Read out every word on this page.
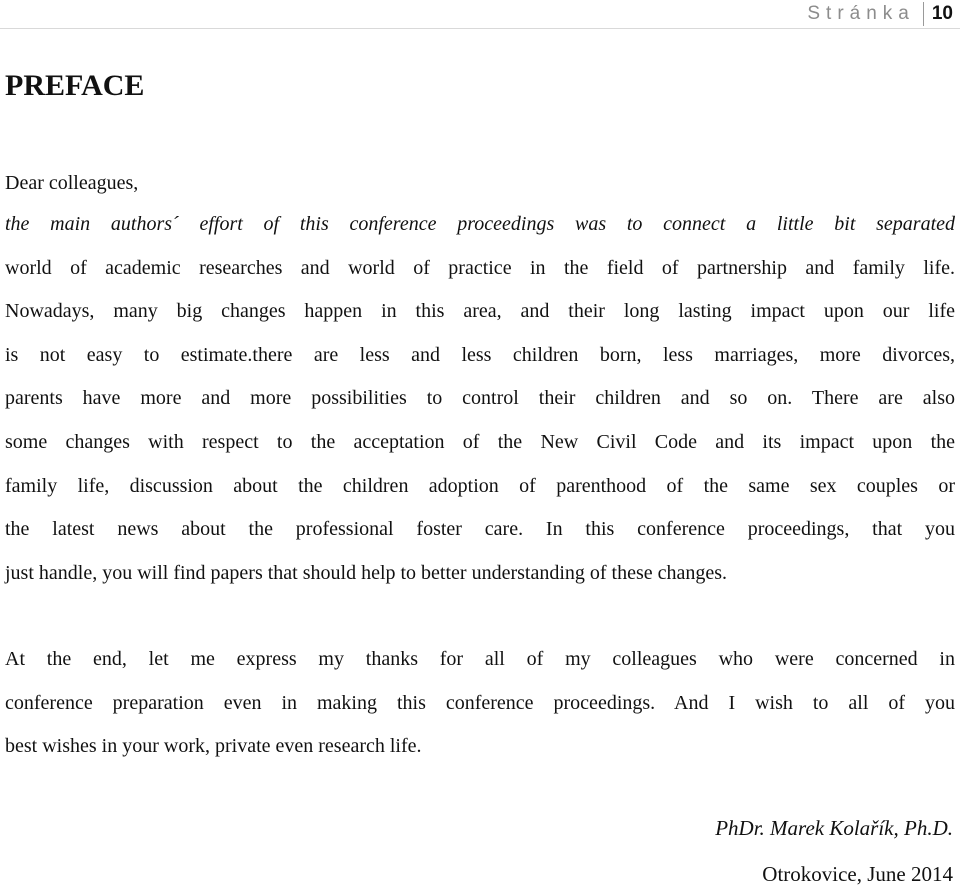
Stránka 10
PREFACE
Dear colleagues,
the main authors´ effort of this conference proceedings was to connect a little bit separated
world of academic researches and world of practice in the field of partnership and family life.
Nowadays, many big changes happen in this area, and their long lasting impact upon our life
is not easy to estimate.there are less and less children born, less marriages, more divorces,
parents have more and more possibilities to control their children and so on. There are also
some changes with respect to the acceptation of the New Civil Code and its impact upon the
family life, discussion about the children adoption of parenthood of the same sex couples or
the latest news about the professional foster care. In this conference proceedings, that you
just handle, you will find papers that should help to better understanding of these changes.
At the end, let me express my thanks for all of my colleagues who were concerned in
conference preparation even in making this conference proceedings. And I wish to all of you
best wishes in your work, private even research life.
PhDr. Marek Kolařík, Ph.D.
Otrokovice, June 2014
